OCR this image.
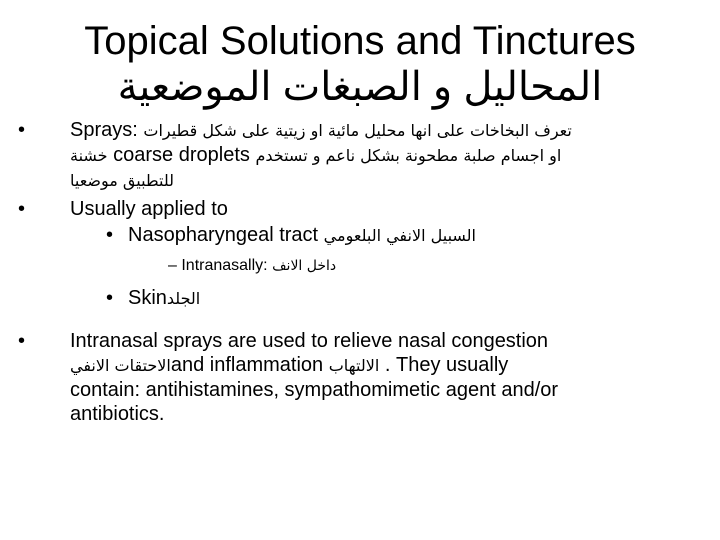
Topical Solutions and Tinctures
المحاليل و الصبغات الموضعية
•	Sprays: تعرف البخاخات على انها محليل مائية او زيتية على شكل قطيرات
خشنة coarse droplets او اجسام صلبة مطحونة بشكل ناعم و تستخدم
للتطبيق موضعيا
•	Usually applied to
• Nasopharyngeal tract السبيل الانفي البلعومي
– Intranasally: داخل الانف
• Skinالجلد
•	Intranasal sprays are used to relieve nasal congestion
الاحتقات الانفيand inflammation الالتهاب . They usually
contain: antihistamines, sympathomimetic agent and/or
antibiotics.
